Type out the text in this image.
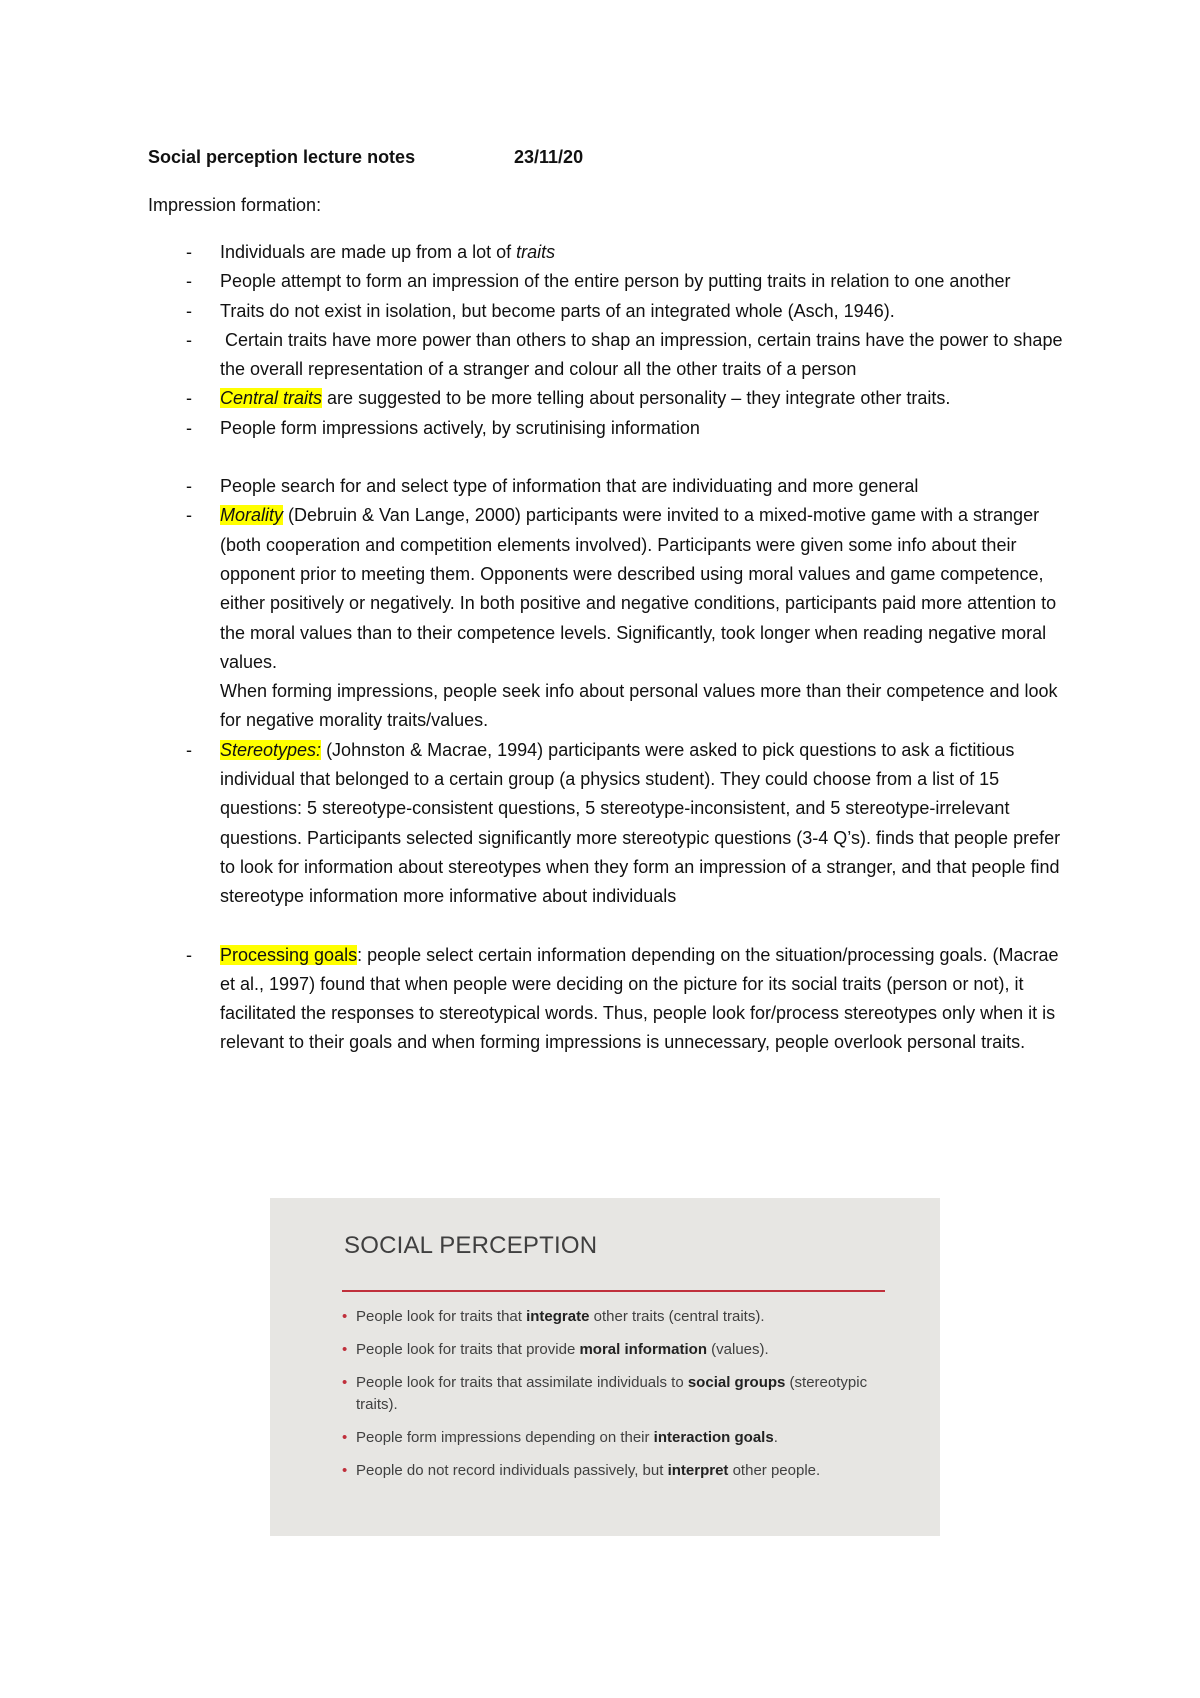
Social perception lecture notes	23/11/20
Impression formation:
- Individuals are made up from a lot of traits
- People attempt to form an impression of the entire person by putting traits in relation to one another
- Traits do not exist in isolation, but become parts of an integrated whole (Asch, 1946).
-  Certain traits have more power than others to shap an impression, certain trains have the power to shape the overall representation of a stranger and colour all the other traits of a person
- Central traits are suggested to be more telling about personality – they integrate other traits.
- People form impressions actively, by scrutinising information
- People search for and select type of information that are individuating and more general
- Morality (Debruin & Van Lange, 2000) participants were invited to a mixed-motive game with a stranger (both cooperation and competition elements involved). Participants were given some info about their opponent prior to meeting them. Opponents were described using moral values and game competence, either positively or negatively. In both positive and negative conditions, participants paid more attention to the moral values than to their competence levels. Significantly, took longer when reading negative moral values.
When forming impressions, people seek info about personal values more than their competence and look for negative morality traits/values.
- Stereotypes: (Johnston & Macrae, 1994) participants were asked to pick questions to ask a fictitious individual that belonged to a certain group (a physics student). They could choose from a list of 15 questions: 5 stereotype-consistent questions, 5 stereotype-inconsistent, and 5 stereotype-irrelevant questions. Participants selected significantly more stereotypic questions (3-4 Q’s). finds that people prefer to look for information about stereotypes when they form an impression of a stranger, and that people find stereotype information more informative about individuals
- Processing goals: people select certain information depending on the situation/processing goals. (Macrae et al., 1997) found that when people were deciding on the picture for its social traits (person or not), it facilitated the responses to stereotypical words. Thus, people look for/process stereotypes only when it is relevant to their goals and when forming impressions is unnecessary, people overlook personal traits.
SOCIAL PERCEPTION
• People look for traits that integrate other traits (central traits).
• People look for traits that provide moral information (values).
• People look for traits that assimilate individuals to social groups (stereotypic traits).
• People form impressions depending on their interaction goals.
• People do not record individuals passively, but interpret other people.
